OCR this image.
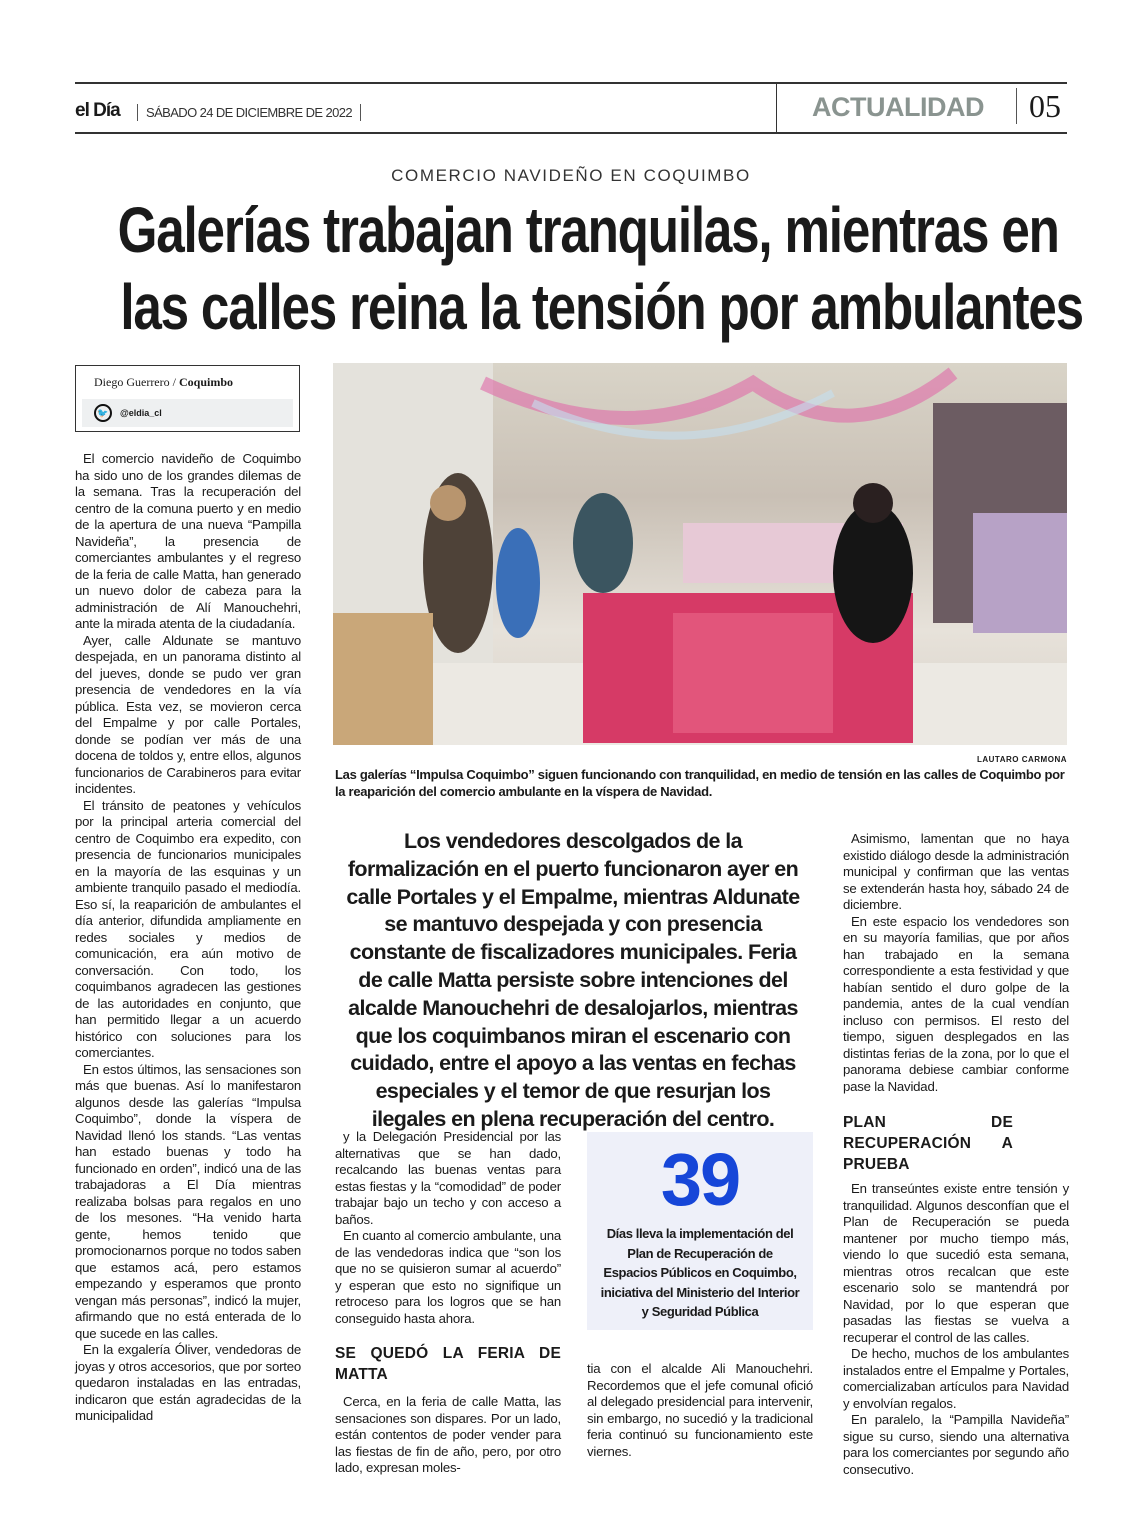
el Día	SÁBADO 24 DE DICIEMBRE DE 2022	ACTUALIDAD	05
COMERCIO NAVIDEÑO EN COQUIMBO
Galerías trabajan tranquilas, mientras en
las calles reina la tensión por ambulantes
Diego Guerrero / Coquimbo
🐦	@eldia_cl
LAUTARO CARMONA
Las galerías “Impulsa Coquimbo” siguen funcionando con tranquilidad, en medio de tensión en las calles de Coquimbo por la reaparición del comercio ambulante en la víspera de Navidad.
Los vendedores descolgados de la formalización en el puerto funcionaron ayer en calle Portales y el Empalme, mientras Aldunate se mantuvo despejada y con presencia constante de fiscalizadores municipales. Feria de calle Matta persiste sobre intenciones del alcalde Manouchehri de desalojarlos, mientras que los coquimbanos miran el escenario con cuidado, entre el apoyo a las ventas en fechas especiales y el temor de que resurjan los ilegales en plena recuperación del centro.

El comercio navideño de Coquimbo ha sido uno de los grandes dilemas de la semana. Tras la recuperación del centro de la comuna puerto y en medio de la apertura de una nueva “Pampilla Navideña”, la presencia de comerciantes ambulantes y el regreso de la feria de calle Matta, han generado un nuevo dolor de cabeza para la administración de Alí Manouchehri, ante la mirada atenta de la ciudadanía.

Ayer, calle Aldunate se mantuvo despejada, en un panorama distinto al del jueves, donde se pudo ver gran presencia de vendedores en la vía pública. Esta vez, se movieron cerca del Empalme y por calle Portales, donde se podían ver más de una docena de toldos y, entre ellos, algunos funcionarios de Carabineros para evitar incidentes.

El tránsito de peatones y vehículos por la principal arteria comercial del centro de Coquimbo era expedito, con presencia de funcionarios municipales en la mayoría de las esquinas y un ambiente tranquilo pasado el mediodía. Eso sí, la reaparición de ambulantes el día anterior, difundida ampliamente en redes sociales y medios de comunicación, era aún motivo de conversación. Con todo, los coquimbanos agradecen las gestiones de las autoridades en conjunto, que han permitido llegar a un acuerdo histórico con soluciones para los comerciantes.

En estos últimos, las sensaciones son más que buenas. Así lo manifestaron algunos desde las galerías “Impulsa Coquimbo”, donde la víspera de Navidad llenó los stands. “Las ventas han estado buenas y todo ha funcionado en orden”, indicó una de las trabajadoras a El Día mientras realizaba bolsas para regalos en uno de los mesones. “Ha venido harta gente, hemos tenido que promocionarnos porque no todos saben que estamos acá, pero estamos empezando y esperamos que pronto vengan más personas”, indicó la mujer, afirmando que no está enterada de lo que sucede en las calles.

En la exgalería Óliver, vendedoras de joyas y otros accesorios, que por sorteo quedaron instaladas en las entradas, indicaron que están agradecidas de la municipalidad

y la Delegación Presidencial por las alternativas que se han dado, recalcando las buenas ventas para estas fiestas y la “comodidad” de poder trabajar bajo un techo y con acceso a baños.

En cuanto al comercio ambulante, una de las vendedoras indica que “son los que no se quisieron sumar al acuerdo” y esperan que esto no signifique un retroceso para los logros que se han conseguido hasta ahora.

SE QUEDÓ LA FERIA DE MATTA

Cerca, en la feria de calle Matta, las sensaciones son dispares. Por un lado, están contentos de poder vender para las fiestas de fin de año, pero, por otro lado, expresan moles-

39
Días lleva la implementación del Plan de Recuperación de Espacios Públicos en Coquimbo, iniciativa del Ministerio del Interior y Seguridad Pública

tia con el alcalde Ali Manouchehri. Recordemos que el jefe comunal ofició al delegado presidencial para intervenir, sin embargo, no sucedió y la tradicional feria continuó su funcionamiento este viernes.

Asimismo, lamentan que no haya existido diálogo desde la administración municipal y confirman que las ventas se extenderán hasta hoy, sábado 24 de diciembre.

En este espacio los vendedores son en su mayoría familias, que por años han trabajado en la semana correspondiente a esta festividad y que habían sentido el duro golpe de la pandemia, antes de la cual vendían incluso con permisos. El resto del tiempo, siguen desplegados en las distintas ferias de la zona, por lo que el panorama debiese cambiar conforme pase la Navidad.

PLAN DE RECUPERACIÓN A PRUEBA

En transeúntes existe entre tensión y tranquilidad. Algunos desconfían que el Plan de Recuperación se pueda mantener por mucho tiempo más, viendo lo que sucedió esta semana, mientras otros recalcan que este escenario solo se mantendrá por Navidad, por lo que esperan que pasadas las fiestas se vuelva a recuperar el control de las calles.

De hecho, muchos de los ambulantes instalados entre el Empalme y Portales, comercializaban artículos para Navidad y envolvían regalos.

En paralelo, la “Pampilla Navideña” sigue su curso, siendo una alternativa para los comerciantes por segundo año consecutivo.
